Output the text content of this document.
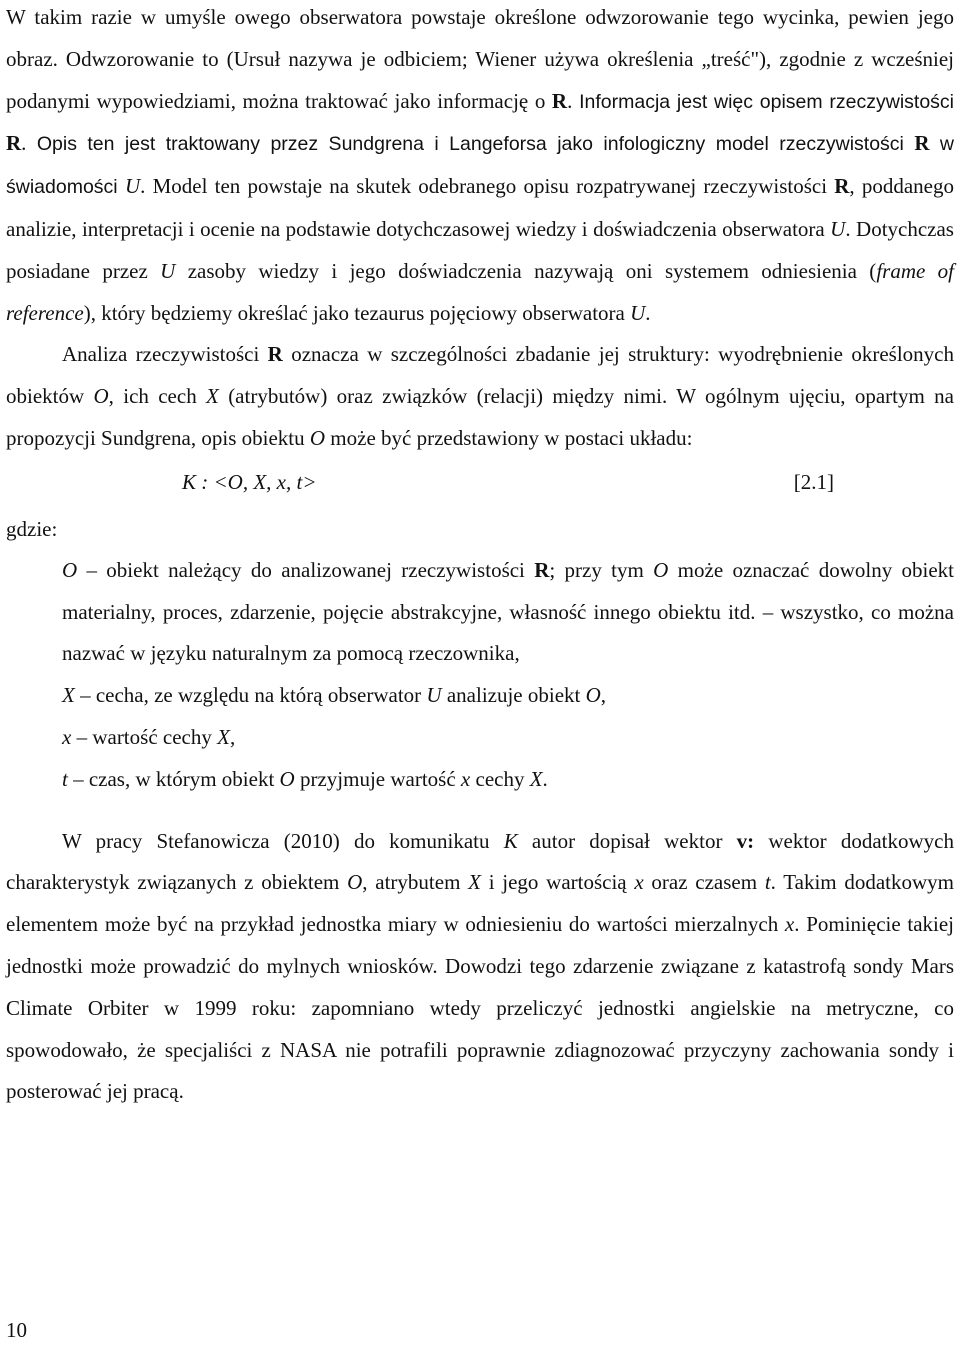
W takim razie w umyśle owego obserwatora powstaje określone odwzorowanie tego wycinka, pewien jego obraz. Odwzorowanie to (Ursuł nazywa je odbiciem; Wiener używa określenia „treść"), zgodnie z wcześniej podanymi wypowiedziami, można traktować jako informację o R. Informacja jest więc opisem rzeczywistości R. Opis ten jest traktowany przez Sundgrena i Langeforsa jako infologiczny model rzeczywistości R w świadomości U. Model ten powstaje na skutek odebranego opisu rozpatrywanej rzeczywistości R, poddanego analizie, interpretacji i ocenie na podstawie dotychczasowej wiedzy i doświadczenia obserwatora U. Dotychczas posiadane przez U zasoby wiedzy i jego doświadczenia nazywają oni systemem odniesienia (frame of reference), który będziemy określać jako tezaurus pojęciowy obserwatora U.

Analiza rzeczywistości R oznacza w szczególności zbadanie jej struktury: wyodrębnienie określonych obiektów O, ich cech X (atrybutów) oraz związków (relacji) między nimi. W ogólnym ujęciu, opartym na propozycji Sundgrena, opis obiektu O może być przedstawiony w postaci układu:

K : <O, X, x, t>	[2.1]

gdzie:

O – obiekt należący do analizowanej rzeczywistości R; przy tym O może oznaczać dowolny obiekt materialny, proces, zdarzenie, pojęcie abstrakcyjne, własność innego obiektu itd. – wszystko, co można nazwać w języku naturalnym za pomocą rzeczownika,

X – cecha, ze względu na którą obserwator U analizuje obiekt O,

x – wartość cechy X,

t – czas, w którym obiekt O przyjmuje wartość x cechy X.

W pracy Stefanowicza (2010) do komunikatu K autor dopisał wektor v: wektor dodatkowych charakterystyk związanych z obiektem O, atrybutem X i jego wartością x oraz czasem t. Takim dodatkowym elementem może być na przykład jednostka miary w odniesieniu do wartości mierzalnych x. Pominięcie takiej jednostki może prowadzić do mylnych wniosków. Dowodzi tego zdarzenie związane z katastrofą sondy Mars Climate Orbiter w 1999 roku: zapomniano wtedy przeliczyć jednostki angielskie na metryczne, co spowodowało, że specjaliści z NASA nie potrafili poprawnie zdiagnozować przyczyny zachowania sondy i posterować jej pracą.

10
